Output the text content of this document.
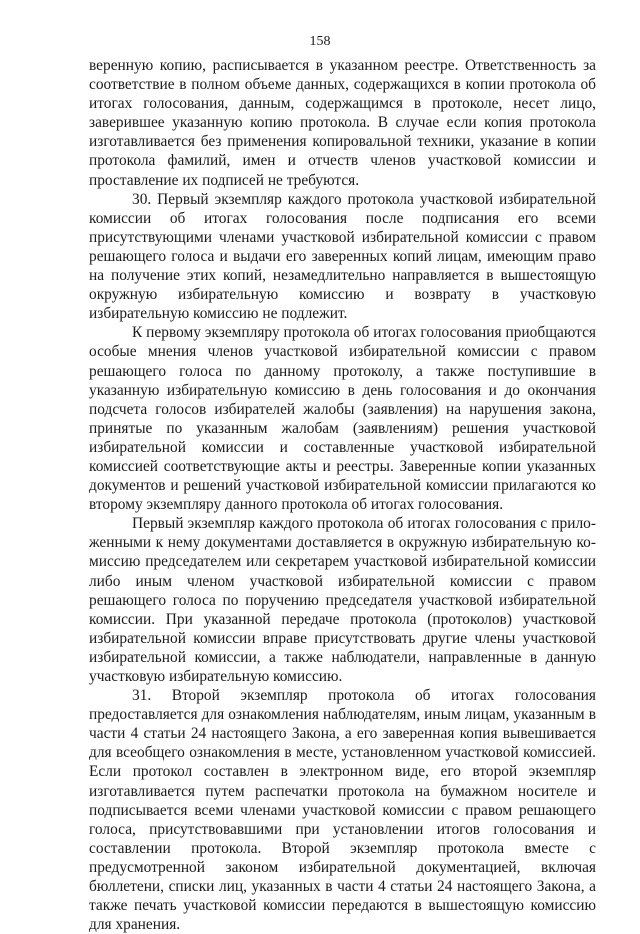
158

веренную копию, расписывается в указанном реестре. Ответственность за соответствие в полном объеме данных, содержащихся в копии протокола об итогах голосования, данным, содержащимся в протоколе, несет лицо, заверившее указанную копию протокола. В случае если копия протокола изготавливается без применения копировальной техники, указание в копии протокола фамилий, имен и отчеств членов участковой комиссии и проставление их подписей не требуются.

30. Первый экземпляр каждого протокола участковой избирательной комиссии об итогах голосования после подписания его всеми присутствующими членами участковой избирательной комиссии с правом решающего голоса и выдачи его заверенных копий лицам, имеющим право на получение этих копий, незамедлительно направляется в вышестоящую окружную избирательную комиссию и возврату в участковую избирательную комиссию не подлежит.

К первому экземпляру протокола об итогах голосования приобщаются особые мнения членов участковой избирательной комиссии с правом решающего голоса по данному протоколу, а также поступившие в указанную избирательную комиссию в день голосования и до окончания подсчета голосов избирателей жалобы (заявления) на нарушения закона, принятые по указанным жалобам (заявлениям) решения участковой избирательной комиссии и составленные участковой избирательной комиссией соответствующие акты и реестры. Заверенные копии указанных документов и решений участковой избирательной комиссии прилагаются ко второму экземпляру данного протокола об итогах голосования.

Первый экземпляр каждого протокола об итогах голосования с приложенными к нему документами доставляется в окружную избирательную комиссию председателем или секретарем участковой избирательной комиссии либо иным членом участковой избирательной комиссии с правом решающего голоса по поручению председателя участковой избирательной комиссии. При указанной передаче протокола (протоколов) участковой избирательной комиссии вправе присутствовать другие члены участковой избирательной комиссии, а также наблюдатели, направленные в данную участковую избирательную комиссию.

31. Второй экземпляр протокола об итогах голосования предоставляется для ознакомления наблюдателям, иным лицам, указанным в части 4 статьи 24 настоящего Закона, а его заверенная копия вывешивается для всеобщего ознакомления в месте, установленном участковой комиссией. Если протокол составлен в электронном виде, его второй экземпляр изготавливается путем распечатки протокола на бумажном носителе и подписывается всеми членами участковой комиссии с правом решающего голоса, присутствовавшими при установлении итогов голосования и составлении протокола. Второй экземпляр протокола вместе с предусмотренной законом избирательной документацией, включая бюллетени, списки лиц, указанных в части 4 статьи 24 настоящего Закона, а также печать участковой комиссии передаются в вышестоящую комиссию для хранения.
